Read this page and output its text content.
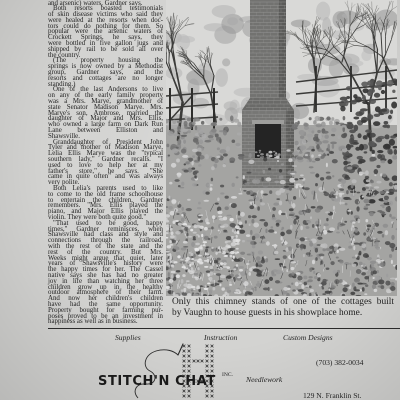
and arsenic) waters, Gardner says.
Both resorts boasted testimonials
of skin disease victims who said they
were healed at the resorts when doc-
tors could do nothing for them. So
popular were the arsenic waters of
Crockett Springs, he says, they
were bottled in five gallon jugs and
shipped by rail to be sold all over
the country.
(The property housing the
springs is now owned by a Methodist
group, Gardner says, and the
resorts and cottages are no longer
standing.)
One of the last Andersons to live
on any of the early family property
was a Mrs. Marye, grandmother of
state Senator Madison Marye. Mrs.
Marye's son, Ambrose, married the
daughter of Major and Mrs. Ellis,
who owned a large farm on Dark Run
Lane between Elliston and
Shawsville.
Granddaughter of President John
Tyler and mother of Madison Marye,
Lelia Ellis Marye was the "typical
southern lady," Gardner recalls. "I
used to love to help her at my
father's store," he says. "She
came in quite often" and was always
very polite.
Both Lelia's parents used to like
to come to the old frame schoolhouse
to entertain the children, Gardner
remembers. "Mrs. Ellis played the
piano, and Major Ellis played the
violin. They were both quite good."
"That used to be good, happy
times," Gardner reminisces, when
Shawsville had class and style and
connections through the railroad,
with the rest of the state and the
rest of the country. But Mrs.
Weeks might argue that quiet, later
years of Shawsville's history were
the happy times for her. The Cassel
native says she has had no greater
joy in life than watching her three
children grow up in the healthy
outdoor atmosphere of their farm.
And now her children's children
have had the same opportunity.
Property bought for farming pur-
poses proved to be an investment in
happiness as well as in business.
Only this chimney stands of one of the cottages built
by Vaughn to house guests in his showplace home.
Supplies	Instruction	Custom Designs
STITCH'N CHAT INC. Needlework
(703) 382-0034
129 N. Franklin St.
